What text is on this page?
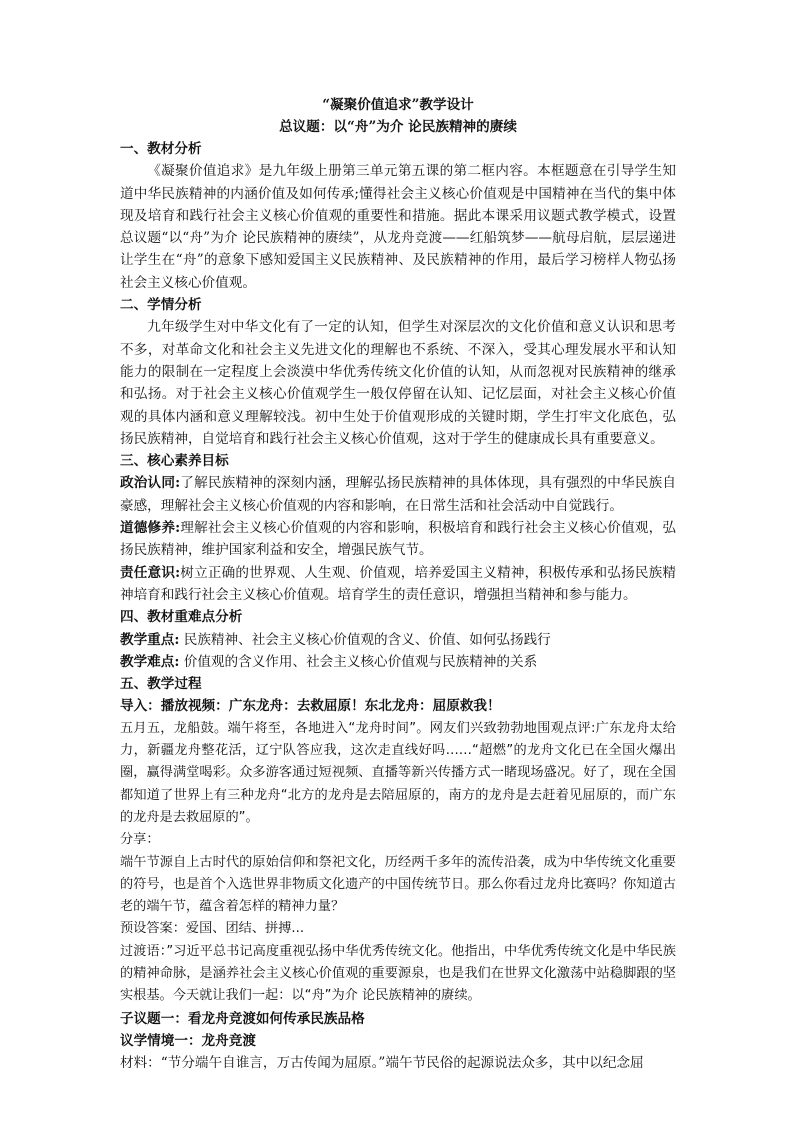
“凝聚价值追求”教学设计

总议题：以“舟”为介 论民族精神的赓续

一、教材分析

《凝聚价值追求》是九年级上册第三单元第五课的第二框内容。本框题意在引导学生知道中华民族精神的内涵价值及如何传承;懂得社会主义核心价值观是中国精神在当代的集中体现及培育和践行社会主义核心价值观的重要性和措施。据此本课采用议题式教学模式，设置总议题“以“舟”为介 论民族精神的赓续”，从龙舟竞渡——红船筑梦——航母启航，层层递进让学生在“舟”的意象下感知爱国主义民族精神、及民族精神的作用，最后学习榜样人物弘扬社会主义核心价值观。

二、学情分析

九年级学生对中华文化有了一定的认知，但学生对深层次的文化价值和意义认识和思考不多，对革命文化和社会主义先进文化的理解也不系统、不深入，受其心理发展水平和认知能力的限制在一定程度上会淡漠中华优秀传统文化价值的认知，从而忽视对民族精神的继承和弘扬。对于社会主义核心价值观学生一般仅停留在认知、记忆层面，对社会主义核心价值观的具体内涵和意义理解较浅。初中生处于价值观形成的关键时期，学生打牢文化底色，弘扬民族精神，自觉培育和践行社会主义核心价值观，这对于学生的健康成长具有重要意义。

三、核心素养目标

政治认同:了解民族精神的深刻内涵，理解弘扬民族精神的具体体现，具有强烈的中华民族自豪感，理解社会主义核心价值观的内容和影响，在日常生活和社会活动中自觉践行。

道德修养:理解社会主义核心价值观的内容和影响，积极培育和践行社会主义核心价值观，弘扬民族精神，维护国家利益和安全，增强民族气节。

责任意识:树立正确的世界观、人生观、价值观，培养爱国主义精神，积极传承和弘扬民族精神培育和践行社会主义核心价值观。培育学生的责任意识，增强担当精神和参与能力。

四、教材重难点分析

教学重点: 民族精神、社会主义核心价值观的含义、价值、如何弘扬践行

教学难点: 价值观的含义作用、社会主义核心价值观与民族精神的关系

五、教学过程

导入：播放视频：广东龙舟：去救屈原！东北龙舟：屈原救我！

五月五，龙船鼓。端午将至，各地进入“龙舟时间”。网友们兴致勃勃地围观点评:广东龙舟太给力，新疆龙舟整花活，辽宁队答应我，这次走直线好吗……“超燃”的龙舟文化已在全国火爆出圈，赢得满堂喝彩。众多游客通过短视频、直播等新兴传播方式一睹现场盛况。好了，现在全国都知道了世界上有三种龙舟“北方的龙舟是去陪屈原的，南方的龙舟是去赶着见屈原的，而广东的龙舟是去救屈原的”。

分享：

端午节源自上古时代的原始信仰和祭祀文化，历经两千多年的流传沿袭，成为中华传统文化重要的符号，也是首个入选世界非物质文化遗产的中国传统节日。那么你看过龙舟比赛吗？你知道古老的端午节，蕴含着怎样的精神力量？

预设答案：爱国、团结、拼搏...

过渡语：”习近平总书记高度重视弘扬中华优秀传统文化。他指出，中华优秀传统文化是中华民族的精神命脉，是涵养社会主义核心价值观的重要源泉，也是我们在世界文化激荡中站稳脚跟的坚实根基。今天就让我们一起：以“舟”为介 论民族精神的赓续。

子议题一：看龙舟竞渡如何传承民族品格

议学情境一：龙舟竞渡

材料：“节分端午自谁言，万古传闻为屈原。”端午节民俗的起源说法众多，其中以纪念屈
